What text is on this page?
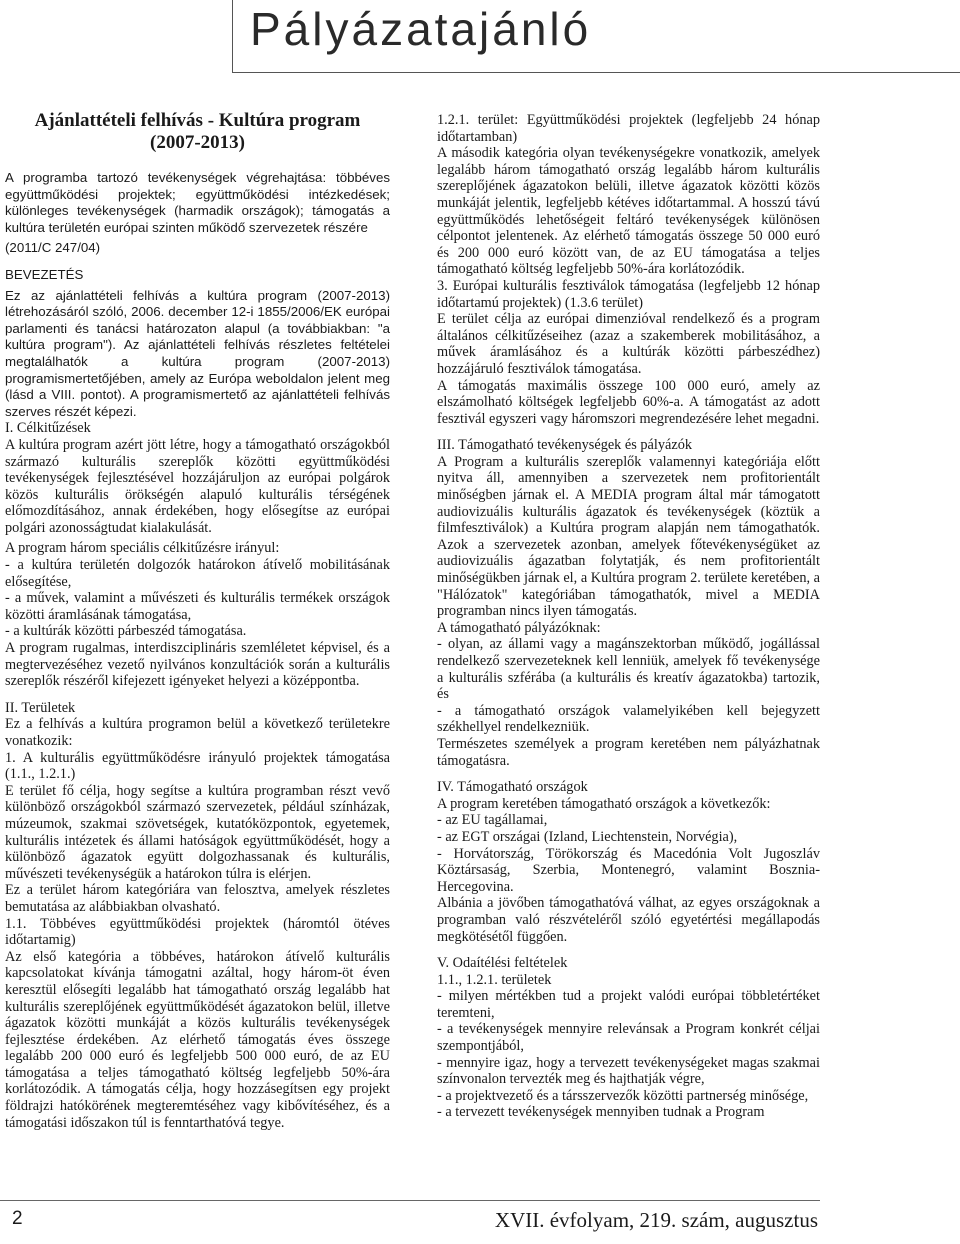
Pályázatajánló
Ajánlattételi felhívás - Kultúra program
(2007-2013)

A programba tartozó tevékenységek végrehajtása: többéves együttműködési projektek; együttműködési intézkedések; különleges tevékenységek (harmadik országok); támogatás a kultúra területén európai szinten működő szervezetek részére

(2011/C 247/04)

BEVEZETÉS

Ez az ajánlattételi felhívás a kultúra program (2007-2013) létrehozásáról szóló, 2006. december 12-i 1855/2006/EK európai parlamenti és tanácsi határozaton alapul (a továbbiakban: "a kultúra program"). Az ajánlattételi felhívás részletes feltételei megtalálhatók a kultúra program (2007-2013) programismertetőjében, amely az Európa weboldalon jelent meg (lásd a VIII. pontot). A programismertető az ajánlattételi felhívás szerves részét képezi.

I. Célkitűzések

A kultúra program azért jött létre, hogy a támogatható országokból származó kulturális szereplők közötti együttműködési tevékenységek fejlesztésével hozzájáruljon az európai polgárok közös kulturális örökségén alapuló kulturális térségének előmozdításához, annak érdekében, hogy elősegítse az európai polgári azonosságtudat kialakulását.

A program három speciális célkitűzésre irányul:

- a kultúra területén dolgozók határokon átívelő mobilitásának elősegítése,

- a művek, valamint a művészeti és kulturális termékek országok közötti áramlásának támogatása,

- a kultúrák közötti párbeszéd támogatása.

A program rugalmas, interdiszciplináris szemléletet képvisel, és a megtervezéséhez vezető nyilvános konzultációk során a kulturális szereplők részéről kifejezett igényeket helyezi a középpontba.

II. Területek

Ez a felhívás a kultúra programon belül a következő területekre vonatkozik:

1. A kulturális együttműködésre irányuló projektek támogatása (1.1., 1.2.1.)

E terület fő célja, hogy segítse a kultúra programban részt vevő különböző országokból származó szervezetek, például színházak, múzeumok, szakmai szövetségek, kutatóközpontok, egyetemek, kulturális intézetek és állami hatóságok együttműködését, hogy a különböző ágazatok együtt dolgozhassanak és kulturális, művészeti tevékenységük a határokon túlra is elérjen.

Ez a terület három kategóriára van felosztva, amelyek részletes bemutatása az alábbiakban olvasható.

1.1. Többéves együttműködési projektek (háromtól ötéves időtartamig)

Az első kategória a többéves, határokon átívelő kulturális kapcsolatokat kívánja támogatni azáltal, hogy három-öt éven keresztül elősegíti legalább hat támogatható ország legalább hat kulturális szereplőjének együttműködését ágazatokon belül, illetve ágazatok közötti munkáját a közös kulturális tevékenységek fejlesztése érdekében. Az elérhető támogatás éves összege legalább 200 000 euró és legfeljebb 500 000 euró, de az EU támogatása a teljes támogatható költség legfeljebb 50%-ára korlátozódik. A támogatás célja, hogy hozzásegítsen egy projekt földrajzi hatókörének megteremtéséhez vagy kibővítéséhez, és a támogatási időszakon túl is fenntarthatóvá tegye.

1.2.1. terület: Együttműködési projektek (legfeljebb 24 hónap időtartamban)

A második kategória olyan tevékenységekre vonatkozik, amelyek legalább három támogatható ország legalább három kulturális szereplőjének ágazatokon belüli, illetve ágazatok közötti közös munkáját jelentik, legfeljebb kétéves időtartammal. A hosszú távú együttműködés lehetőségeit feltáró tevékenységek különösen célpontot jelentenek. Az elérhető támogatás összege 50 000 euró és 200 000 euró között van, de az EU támogatása a teljes támogatható költség legfeljebb 50%-ára korlátozódik.

3. Európai kulturális fesztiválok támogatása (legfeljebb 12 hónap időtartamú projektek) (1.3.6 terület)

E terület célja az európai dimenzióval rendelkező és a program általános célkitűzéseihez (azaz a szakemberek mobilitásához, a művek áramlásához és a kultúrák közötti párbeszédhez) hozzájáruló fesztiválok támogatása.

A támogatás maximális összege 100 000 euró, amely az elszámolható költségek legfeljebb 60%-a. A támogatást az adott fesztivál egyszeri vagy háromszori megrendezésére lehet megadni.

III. Támogatható tevékenységek és pályázók

A Program a kulturális szereplők valamennyi kategóriája előtt nyitva áll, amennyiben a szervezetek nem profitorientált minőségben járnak el. A MEDIA program által már támogatott audiovizuális kulturális ágazatok és tevékenységek (köztük a filmfesztiválok) a Kultúra program alapján nem támogathatók. Azok a szervezetek azonban, amelyek főtevékenységüket az audiovizuális ágazatban folytatják, és nem profitorientált minőségükben járnak el, a Kultúra program 2. területe keretében, a "Hálózatok" kategóriában támogathatók, mivel a MEDIA programban nincs ilyen támogatás.

A támogatható pályázóknak:

- olyan, az állami vagy a magánszektorban működő, jogállással rendelkező szervezeteknek kell lenniük, amelyek fő tevékenysége a kulturális szférába (a kulturális és kreatív ágazatokba) tartozik, és

- a támogatható országok valamelyikében kell bejegyzett székhellyel rendelkezniük.

Természetes személyek a program keretében nem pályázhatnak támogatásra.

IV. Támogatható országok

A program keretében támogatható országok a következők:

- az EU tagállamai,

- az EGT országai (Izland, Liechtenstein, Norvégia),

- Horvátország, Törökország és Macedónia Volt Jugoszláv Köztársaság, Szerbia, Montenegró, valamint Bosznia-Hercegovina.

Albánia a jövőben támogathatóvá válhat, az egyes országoknak a programban való részvételéről szóló egyetértési megállapodás megkötésétől függően.

V. Odaítélési feltételek

1.1., 1.2.1. területek

- milyen mértékben tud a projekt valódi európai többletértéket teremteni,

- a tevékenységek mennyire relevánsak a Program konkrét céljai szempontjából,

- mennyire igaz, hogy a tervezett tevékenységeket magas szakmai színvonalon tervezték meg és hajthatják végre,

- a projektvezető és a társszervezők közötti partnerség minősége,

- a tervezett tevékenységek mennyiben tudnak a Program

2	XVII. évfolyam, 219. szám, augusztus
